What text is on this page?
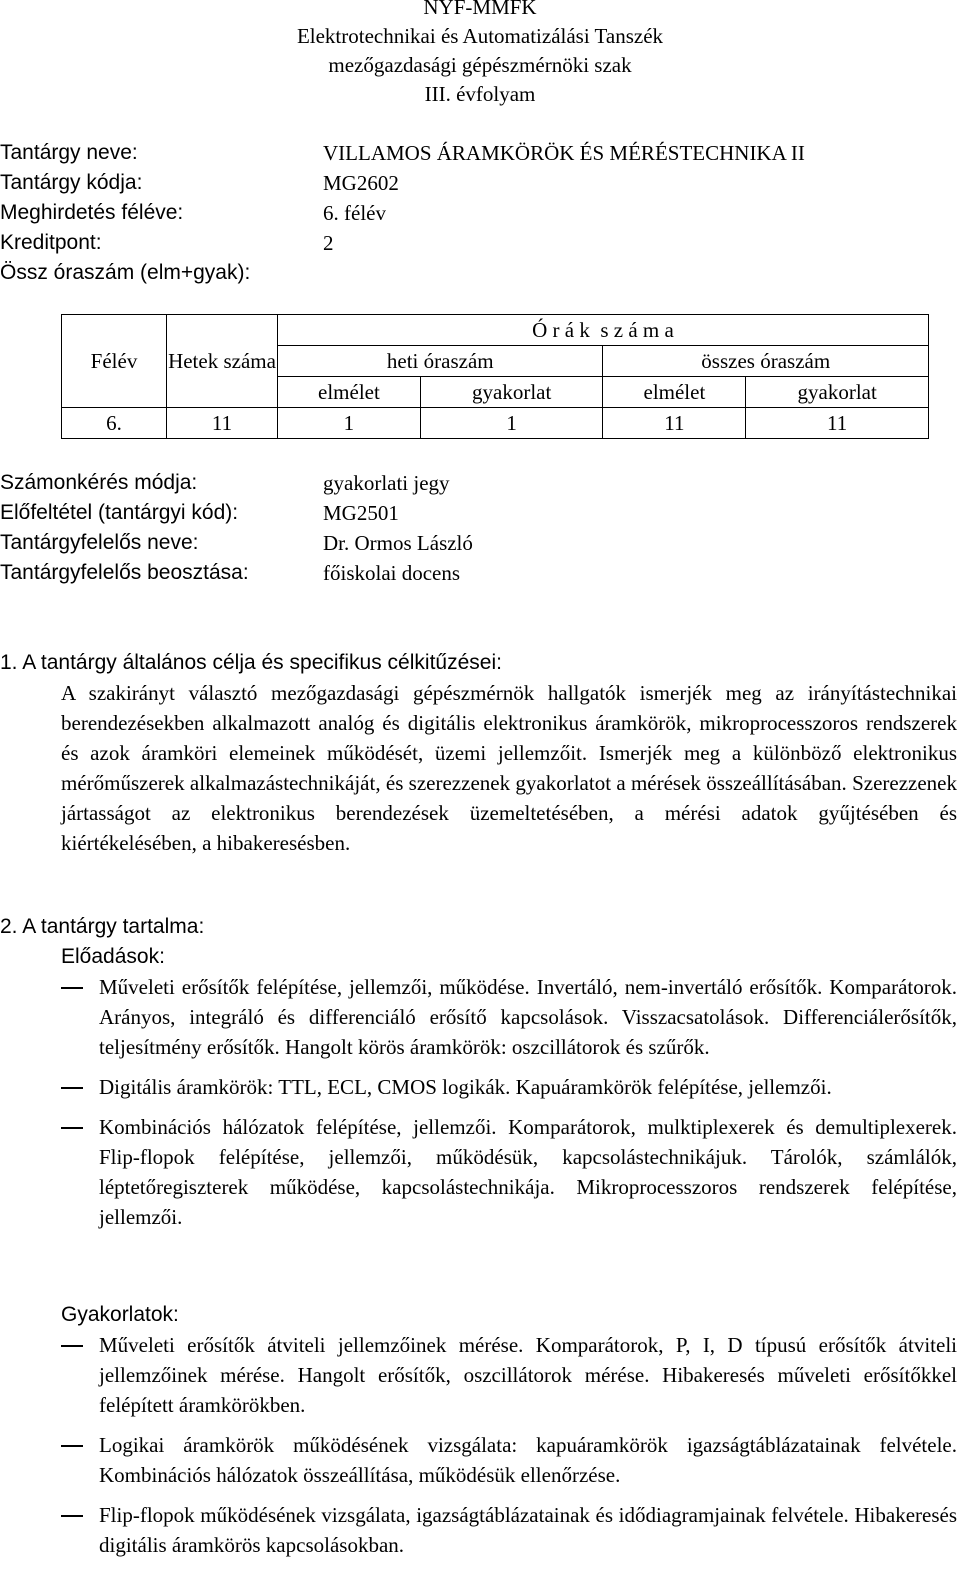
NYF-MMFK
Elektrotechnikai és Automatizálási Tanszék
mezőgazdasági gépészmérnöki szak
III. évfolyam
Tantárgy neve:	VILLAMOS ÁRAMKÖRÖK ÉS MÉRÉSTECHNIKA II
Tantárgy kódja:	MG2602
Meghirdetés féléve:	6. félév
Kreditpont:	2
Össz óraszám (elm+gyak):
Félév	Hetek száma	Ó r á k  s z á m a			
		heti óraszám		összes óraszám	
		elmélet	gyakorlat	elmélet	gyakorlat
6.	11	1	1	11	11
Számonkérés módja:	gyakorlati jegy
Előfeltétel (tantárgyi kód):	MG2501
Tantárgyfelelős neve:	Dr. Ormos László
Tantárgyfelelős beosztása:	főiskolai docens
1. A tantárgy általános célja és specifikus célkitűzései:

A szakirányt választó mezőgazdasági gépészmérnök hallgatók ismerjék meg az irányítástechnikai berendezésekben alkalmazott analóg és digitális elektronikus áramkörök, mikroprocesszoros rendszerek és azok áramköri elemeinek működését, üzemi jellemzőit. Ismerjék meg a különböző elektronikus mérőműszerek alkalmazástechnikáját, és szerezzenek gyakorlatot a mérések összeállításában. Szerezzenek jártasságot az elektronikus berendezések üzemeltetésében, a mérési adatok gyűjtésében és kiértékelésében, a hibakeresésben.

2. A tantárgy tartalma:
Előadások:
Műveleti erősítők felépítése, jellemzői, működése. Invertáló, nem-invertáló erősítők. Komparátorok. Arányos, integráló és differenciáló erősítő kapcsolások. Visszacsatolások. Differenciálerősítők, teljesítmény erősítők. Hangolt körös áramkörök: oszcillátorok és szűrők.
Digitális áramkörök: TTL, ECL, CMOS logikák. Kapuáramkörök felépítése, jellemzői.
Kombinációs hálózatok felépítése, jellemzői. Komparátorok, mulktiplexerek és demultiplexerek. Flip-flopok felépítése, jellemzői, működésük, kapcsolástechnikájuk. Tárolók, számlálók, léptetőregiszterek működése, kapcsolástechnikája. Mikroprocesszoros rendszerek felépítése, jellemzői.
Gyakorlatok:
Műveleti erősítők átviteli jellemzőinek mérése. Komparátorok, P, I, D típusú erősítők átviteli jellemzőinek mérése. Hangolt erősítők, oszcillátorok mérése. Hibakeresés műveleti erősítőkkel felépített áramkörökben.
Logikai áramkörök működésének vizsgálata: kapuáramkörök igazságtáblázatainak felvétele. Kombinációs hálózatok összeállítása, működésük ellenőrzése.
Flip-flopok működésének vizsgálata, igazságtáblázatainak és idődiagramjainak felvétele. Hibakeresés digitális áramkörös kapcsolásokban.
